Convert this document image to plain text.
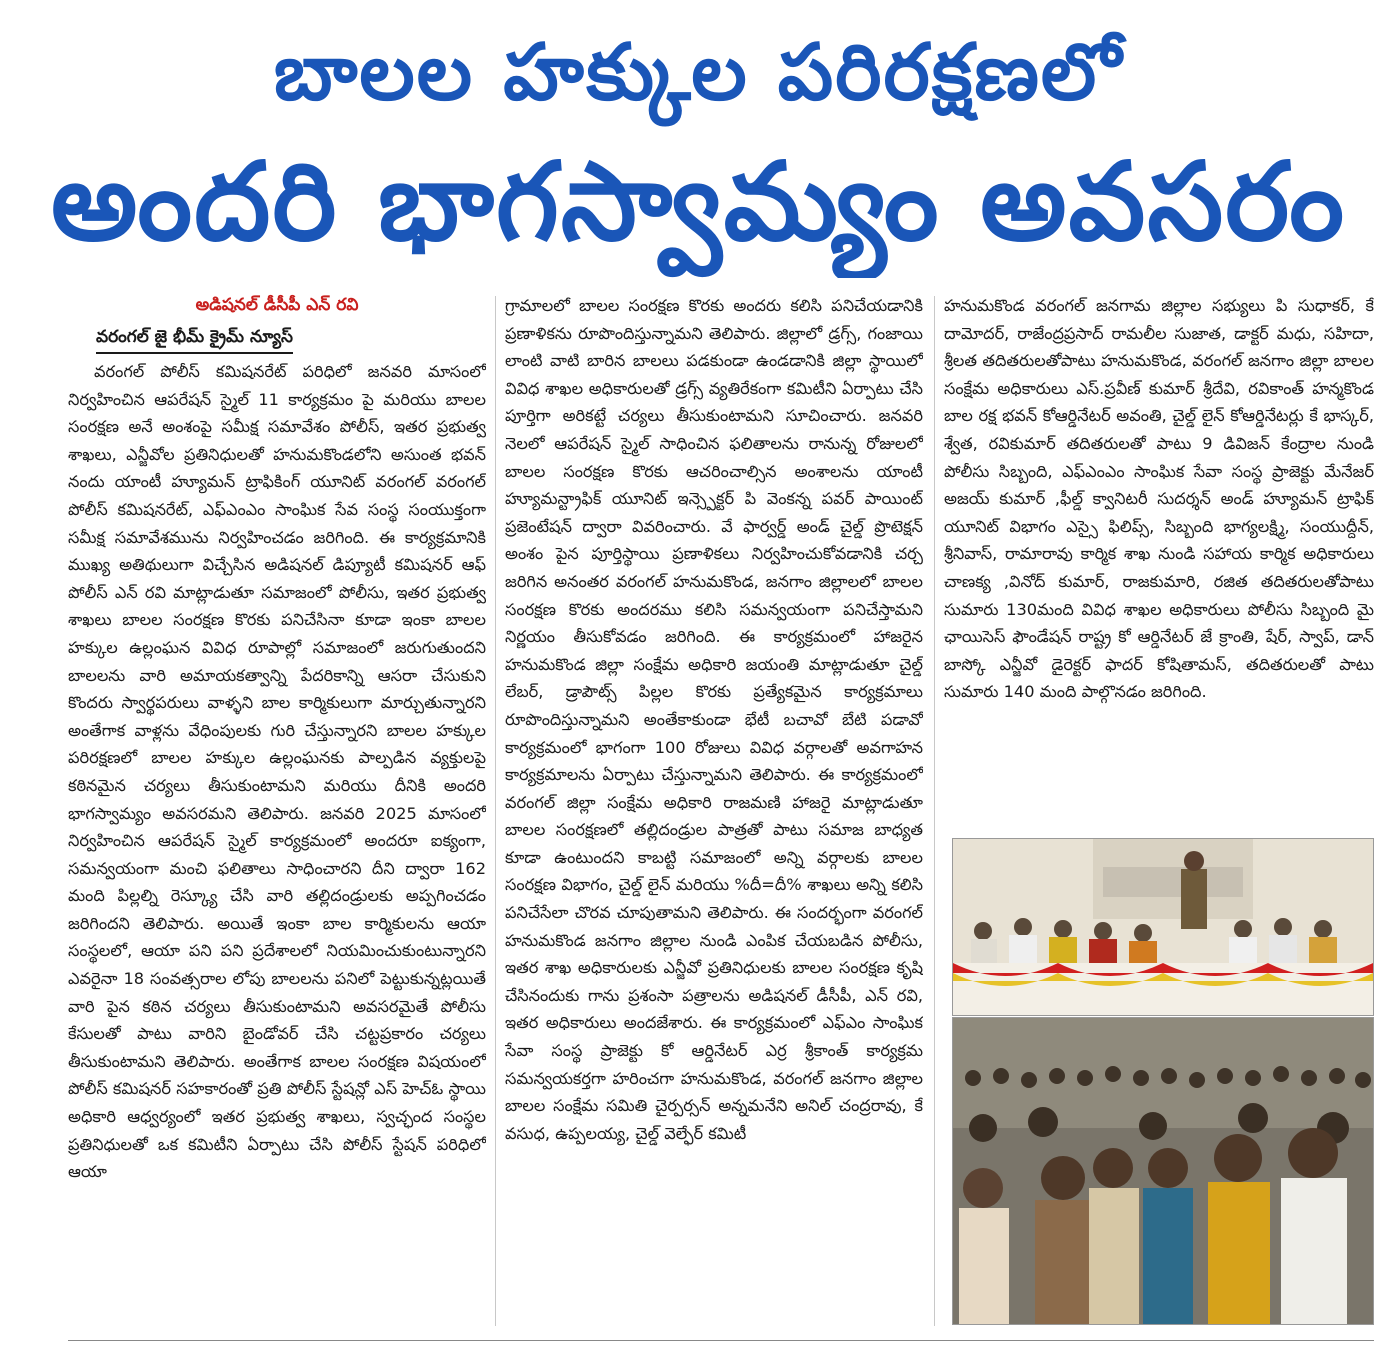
బాలల హక్కుల పరిరక్షణలో
అందరి భాగస్వామ్యం అవసరం
అడిషనల్ డీసీపీ ఎన్ రవి
వరంగల్ జై భీమ్ క్రైమ్ న్యూస్

వరంగల్ పోలీస్ కమిషనరేట్ పరిధిలో జనవరి మాసంలో నిర్వహించిన ఆపరేషన్ స్మైల్ 11 కార్యక్రమం పై మరియు బాలల సంరక్షణ అనే అంశంపై సమీక్ష సమావేశం పోలీస్, ఇతర ప్రభుత్వ శాఖలు, ఎన్జీవోల ప్రతినిధులతో హనుమకొండలోని అసుంత భవన్ నందు యాంటీ హ్యూమన్ ట్రాఫికింగ్ యూనిట్ వరంగల్ వరంగల్ పోలీస్ కమిషనరేట్, ఎఫ్ఎంఎం సాంఘిక సేవ సంస్థ సంయుక్తంగా సమీక్ష సమావేశమును నిర్వహించడం జరిగింది. ఈ కార్యక్రమానికి ముఖ్య అతిథులుగా విచ్చేసిన అడిషనల్ డిప్యూటీ కమిషనర్ ఆఫ్ పోలీస్ ఎన్ రవి మాట్లాడుతూ సమాజంలో పోలీసు, ఇతర ప్రభుత్వ శాఖలు బాలల సంరక్షణ కొరకు పనిచేసినా కూడా ఇంకా బాలల హక్కుల ఉల్లంఘన వివిధ రూపాల్లో సమాజంలో జరుగుతుందని బాలలను వారి అమాయకత్వాన్ని పేదరికాన్ని ఆసరా చేసుకుని కొందరు స్వార్థపరులు వాళ్ళని బాల కార్మికులుగా మార్చుతున్నారని అంతేగాక వాళ్లను వేధింపులకు గురి చేస్తున్నారని బాలల హక్కుల పరిరక్షణలో బాలల హక్కుల ఉల్లంఘనకు పాల్పడిన వ్యక్తులపై కఠినమైన చర్యలు తీసుకుంటామని మరియు దీనికి అందరి భాగస్వామ్యం అవసరమని తెలిపారు. జనవరి 2025 మాసంలో నిర్వహించిన ఆపరేషన్ స్మైల్ కార్యక్రమంలో అందరూ ఐక్యంగా, సమన్వయంగా మంచి ఫలితాలు సాధించారని దీని ద్వారా 162 మంది పిల్లల్ని రెస్క్యూ చేసి వారి తల్లిదండ్రులకు అప్పగించడం జరిగిందని తెలిపారు. అయితే ఇంకా బాల కార్మికులను ఆయా సంస్థలలో, ఆయా పని పని ప్రదేశాలలో నియమించుకుంటున్నారని ఎవరైనా 18 సంవత్సరాల లోపు బాలలను పనిలో పెట్టుకున్నట్లయితే వారి పైన కఠిన చర్యలు తీసుకుంటామని అవసరమైతే పోలీసు కేసులతో పాటు వారిని బైండోవర్ చేసి చట్టప్రకారం చర్యలు తీసుకుంటామని తెలిపారు. అంతేగాక బాలల సంరక్షణ విషయంలో పోలీస్ కమిషనర్ సహకారంతో ప్రతి పోలీస్ స్టేషన్లో ఎస్ హెచ్ఓ స్థాయి అధికారి ఆధ్వర్యంలో ఇతర ప్రభుత్వ శాఖలు, స్వచ్ఛంద సంస్థల ప్రతినిధులతో ఒక కమిటీని ఏర్పాటు చేసి పోలీస్ స్టేషన్ పరిధిలో ఆయా

గ్రామాలలో బాలల సంరక్షణ కొరకు అందరు కలిసి పనిచేయడానికి ప్రణాళికను రూపొందిస్తున్నామని తెలిపారు. జిల్లాలో డ్రగ్స్, గంజాయి లాంటి వాటి బారిన బాలలు పడకుండా ఉండడానికి జిల్లా స్థాయిలో వివిధ శాఖల అధికారులతో డ్రగ్స్ వ్యతిరేకంగా కమిటీని ఏర్పాటు చేసి పూర్తిగా అరికట్టే చర్యలు తీసుకుంటామని సూచించారు. జనవరి నెలలో ఆపరేషన్ స్మైల్ సాధించిన ఫలితాలను రానున్న రోజులలో బాలల సంరక్షణ కొరకు ఆచరించాల్సిన అంశాలను యాంటీ హ్యూమన్ట్రాఫిక్ యూనిట్ ఇన్స్పెక్టర్ పి వెంకన్న పవర్ పాయింట్ ప్రజెంటేషన్ ద్వారా వివరించారు. వే ఫార్వర్డ్ అండ్ చైల్డ్ ప్రొటెక్షన్ అంశం పైన పూర్తిస్థాయి ప్రణాళికలు నిర్వహించుకోవడానికి చర్చ జరిగిన అనంతర వరంగల్ హనుమకొండ, జనగాం జిల్లాలలో బాలల సంరక్షణ కొరకు అందరము కలిసి సమన్వయంగా పనిచేస్తామని నిర్ణయం తీసుకోవడం జరిగింది. ఈ కార్యక్రమంలో హాజరైన హనుమకొండ జిల్లా సంక్షేమ అధికారి జయంతి మాట్లాడుతూ చైల్డ్ లేబర్, డ్రాపౌట్స్ పిల్లల కొరకు ప్రత్యేకమైన కార్యక్రమాలు రూపొందిస్తున్నామని అంతేకాకుండా భేటీ బచావో బేటి పడావో కార్యక్రమంలో భాగంగా 100 రోజులు వివిధ వర్గాలతో అవగాహన కార్యక్రమాలను ఏర్పాటు చేస్తున్నామని తెలిపారు. ఈ కార్యక్రమంలో వరంగల్ జిల్లా సంక్షేమ అధికారి రాజమణి హాజరై మాట్లాడుతూ బాలల సంరక్షణలో తల్లిదండ్రుల పాత్రతో పాటు సమాజ బాధ్యత కూడా ఉంటుందని కాబట్టి సమాజంలో అన్ని వర్గాలకు బాలల సంరక్షణ విభాగం, చైల్డ్ లైన్ మరియు %దీ=దీ% శాఖలు అన్ని కలిసి పనిచేసేలా చొరవ చూపుతామని తెలిపారు. ఈ సందర్భంగా వరంగల్ హనుమకొండ జనగాం జిల్లాల నుండి ఎంపిక చేయబడిన పోలీసు, ఇతర శాఖ అధికారులకు ఎన్జీవో ప్రతినిధులకు బాలల సంరక్షణ కృషి చేసినందుకు గాను ప్రశంసా పత్రాలను అడిషనల్ డీసీపీ, ఎన్ రవి, ఇతర అధికారులు అందజేశారు. ఈ కార్యక్రమంలో ఎఫ్ఎం సాంఘిక సేవా సంస్థ ప్రాజెక్టు కో ఆర్డినేటర్ ఎర్ర శ్రీకాంత్ కార్యక్రమ సమన్వయకర్తగా హరించగా హనుమకొండ, వరంగల్ జనగాం జిల్లాల బాలల సంక్షేమ సమితి చైర్పర్సన్ అన్నమనేని అనిల్ చంద్రరావు, కే వసుధ, ఉప్పలయ్య, చైల్డ్ వెల్ఫేర్ కమిటీ

హనుమకొండ వరంగల్ జనగామ జిల్లాల సభ్యులు పి సుధాకర్, కే దామోదర్, రాజేంద్రప్రసాద్ రామలీల సుజాత, డాక్టర్ మధు, సహిదా, శ్రీలత తదితరులతోపాటు హనుమకొండ, వరంగల్ జనగాం జిల్లా బాలల సంక్షేమ అధికారులు ఎస్.ప్రవీణ్ కుమార్ శ్రీదేవి, రవికాంత్ హన్మకొండ బాల రక్ష భవన్ కోఆర్డినేటర్ అవంతి, చైల్డ్ లైన్ కోఆర్డినేటర్లు కే భాస్కర్, శ్వేత, రవికుమార్ తదితరులతో పాటు 9 డివిజన్ కేంద్రాల నుండి పోలీసు సిబ్బంది, ఎఫ్ఎంఎం సాంఘిక సేవా సంస్థ ప్రాజెక్టు మేనేజర్ అజయ్ కుమార్ ,ఫీల్డ్ క్వానిటరీ సుదర్శన్ అండ్ హ్యూమన్ ట్రాఫిక్ యూనిట్ విభాగం ఎస్సై ఫిలిప్స్, సిబ్బంది భాగ్యలక్ష్మి, సంయుద్దీన్, శ్రీనివాస్, రామారావు కార్మిక శాఖ నుండి సహాయ కార్మిక అధికారులు చాణక్య ,వినోద్ కుమార్, రాజకుమారి, రజిత తదితరులతోపాటు సుమారు 130మంది వివిధ శాఖల అధికారులు పోలీసు సిబ్బంది మై ఛాయిసెస్ ఫౌండేషన్ రాష్ట్ర కో ఆర్డినేటర్ జే క్రాంతి, షేర్, స్వాప్, డాన్ బాస్కో ఎన్జీవో డైరెక్టర్ ఫాదర్ కోషితామస్, తదితరులతో పాటు సుమారు 140 మంది పాల్గొనడం జరిగింది.
